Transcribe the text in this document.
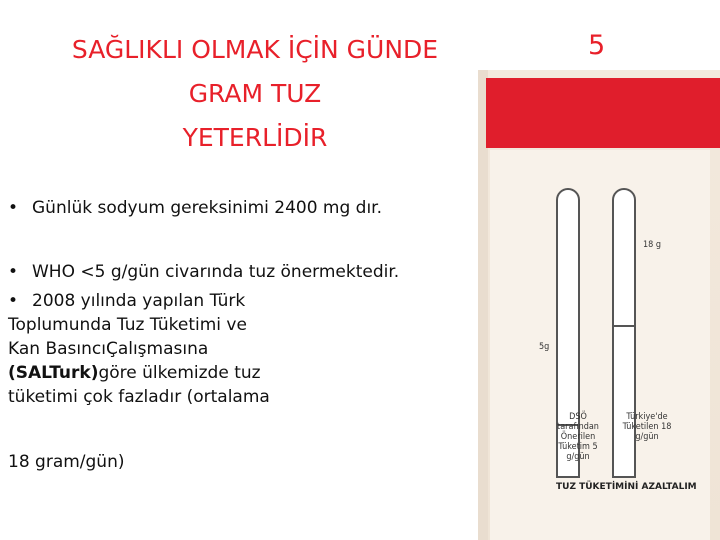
SAĞLIKLI OLMAK İÇİN GÜNDE
GRAM TUZ
YETERLİDİR
5
• Günlük sodyum gereksinimi 2400 mg dır.
• WHO <5 g/gün civarında tuz önermektedir.
• 2008 yılında yapılan Türk
Toplumunda Tuz Tüketimi ve
Kan BasıncıÇalışmasına
(SALTurk)göre ülkemizde tuz
tüketimi çok fazladır (ortalama
18 gram/gün)
5g
18 g
DSÖ tarafından Önerilen Tüketim 5 g/gün
Türkiye'de Tüketilen 18 g/gün
TUZ TÜKETİMİNİ AZALTALIM
